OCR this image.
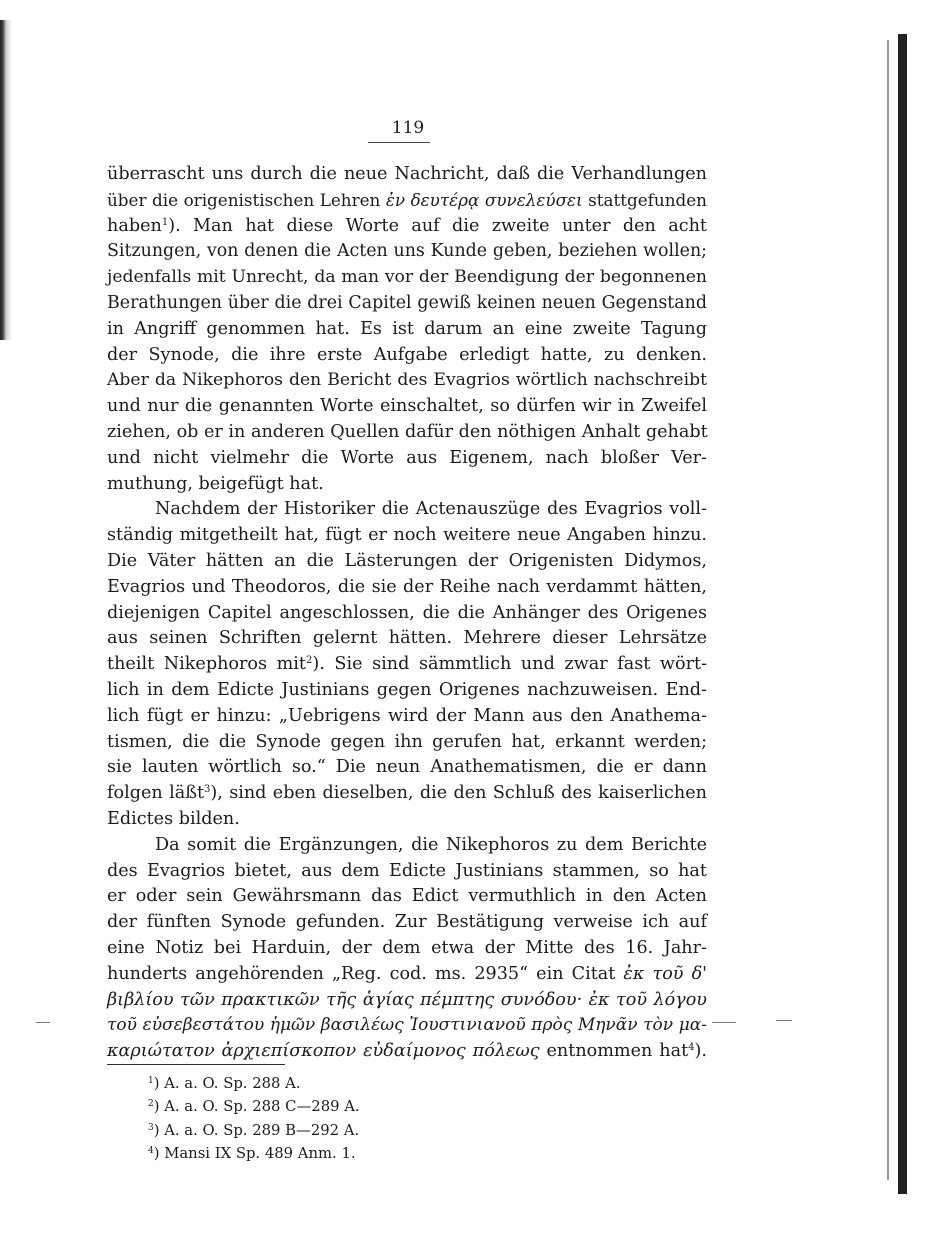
119
überrascht uns durch die neue Nachricht, daß die Verhandlungen
über die origenistischen Lehren ἐν δευτέρᾳ συνελεύσει stattgefunden
haben$^1$). Man hat diese Worte auf die zweite unter den acht
Sitzungen, von denen die Acten uns Kunde geben, beziehen wollen;
jedenfalls mit Unrecht, da man vor der Beendigung der begonnenen
Berathungen über die drei Capitel gewiß keinen neuen Gegenstand
in Angriff genommen hat. Es ist darum an eine zweite Tagung
der Synode, die ihre erste Aufgabe erledigt hatte, zu denken.
Aber da Nikephoros den Bericht des Evagrios wörtlich nachschreibt
und nur die genannten Worte einschaltet, so dürfen wir in Zweifel
ziehen, ob er in anderen Quellen dafür den nöthigen Anhalt gehabt
und nicht vielmehr die Worte aus Eigenem, nach bloßer Ver-
muthung, beigefügt hat.
Nachdem der Historiker die Actenauszüge des Evagrios voll-
ständig mitgetheilt hat, fügt er noch weitere neue Angaben hinzu.
Die Väter hätten an die Lästerungen der Origenisten Didymos,
Evagrios und Theodoros, die sie der Reihe nach verdammt hätten,
diejenigen Capitel angeschlossen, die die Anhänger des Origenes
aus seinen Schriften gelernt hätten. Mehrere dieser Lehrsätze
theilt Nikephoros mit$^2$). Sie sind sämmtlich und zwar fast wört-
lich in dem Edicte Justinians gegen Origenes nachzuweisen. End-
lich fügt er hinzu: „Uebrigens wird der Mann aus den Anathema-
tismen, die die Synode gegen ihn gerufen hat, erkannt werden;
sie lauten wörtlich so.“ Die neun Anathematismen, die er dann
folgen läßt$^3$), sind eben dieselben, die den Schluß des kaiserlichen
Edictes bilden.
Da somit die Ergänzungen, die Nikephoros zu dem Berichte
des Evagrios bietet, aus dem Edicte Justinians stammen, so hat
er oder sein Gewährsmann das Edict vermuthlich in den Acten
der fünften Synode gefunden. Zur Bestätigung verweise ich auf
eine Notiz bei Harduin, der dem etwa der Mitte des 16. Jahr-
hunderts angehörenden „Reg. cod. ms. 2935“ ein Citat ἐκ τοῦ δ'
βιβλίου τῶν πρακτικῶν τῆς ἁγίας πέμπτης συνόδου· ἐκ τοῦ λόγου
τοῦ εὐσεβεστάτου ἡμῶν βασιλέως Ἰουστινιανοῦ πρὸς Μηνᾶν τὸν μα-
καριώτατον ἀρχιεπίσκοπον εὐδαίμονος πόλεως entnommen hat$^4$).
$^1$) A. a. O. Sp. 288 A.
$^2$) A. a. O. Sp. 288 C—289 A.
$^3$) A. a. O. Sp. 289 B—292 A.
$^4$) Mansi IX Sp. 489 Anm. 1.
